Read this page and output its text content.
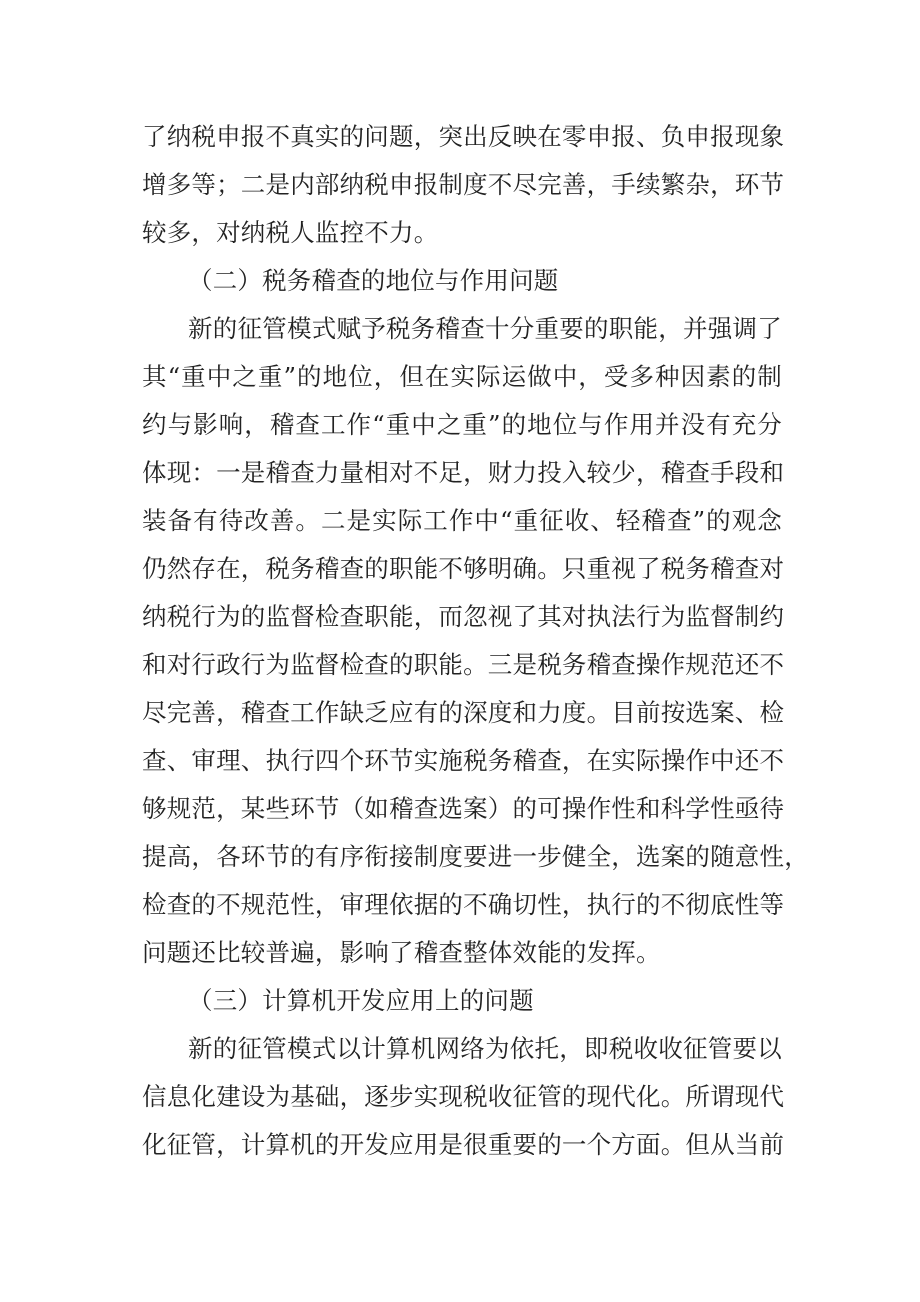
了纳税申报不真实的问题，突出反映在零申报、负申报现象
增多等；二是内部纳税申报制度不尽完善，手续繁杂，环节
较多，对纳税人监控不力。
（二）税务稽查的地位与作用问题
新的征管模式赋予税务稽查十分重要的职能，并强调了
其“重中之重”的地位，但在实际运做中，受多种因素的制
约与影响，稽查工作“重中之重”的地位与作用并没有充分
体现：一是稽查力量相对不足，财力投入较少，稽查手段和
装备有待改善。二是实际工作中“重征收、轻稽查”的观念
仍然存在，税务稽查的职能不够明确。只重视了税务稽查对
纳税行为的监督检查职能，而忽视了其对执法行为监督制约
和对行政行为监督检查的职能。三是税务稽查操作规范还不
尽完善，稽查工作缺乏应有的深度和力度。目前按选案、检
查、审理、执行四个环节实施税务稽查，在实际操作中还不
够规范，某些环节（如稽查选案）的可操作性和科学性亟待
提高，各环节的有序衔接制度要进一步健全，选案的随意性，
检查的不规范性，审理依据的不确切性，执行的不彻底性等
问题还比较普遍，影响了稽查整体效能的发挥。
（三）计算机开发应用上的问题
新的征管模式以计算机网络为依托，即税收收征管要以
信息化建设为基础，逐步实现税收征管的现代化。所谓现代
化征管，计算机的开发应用是很重要的一个方面。但从当前
